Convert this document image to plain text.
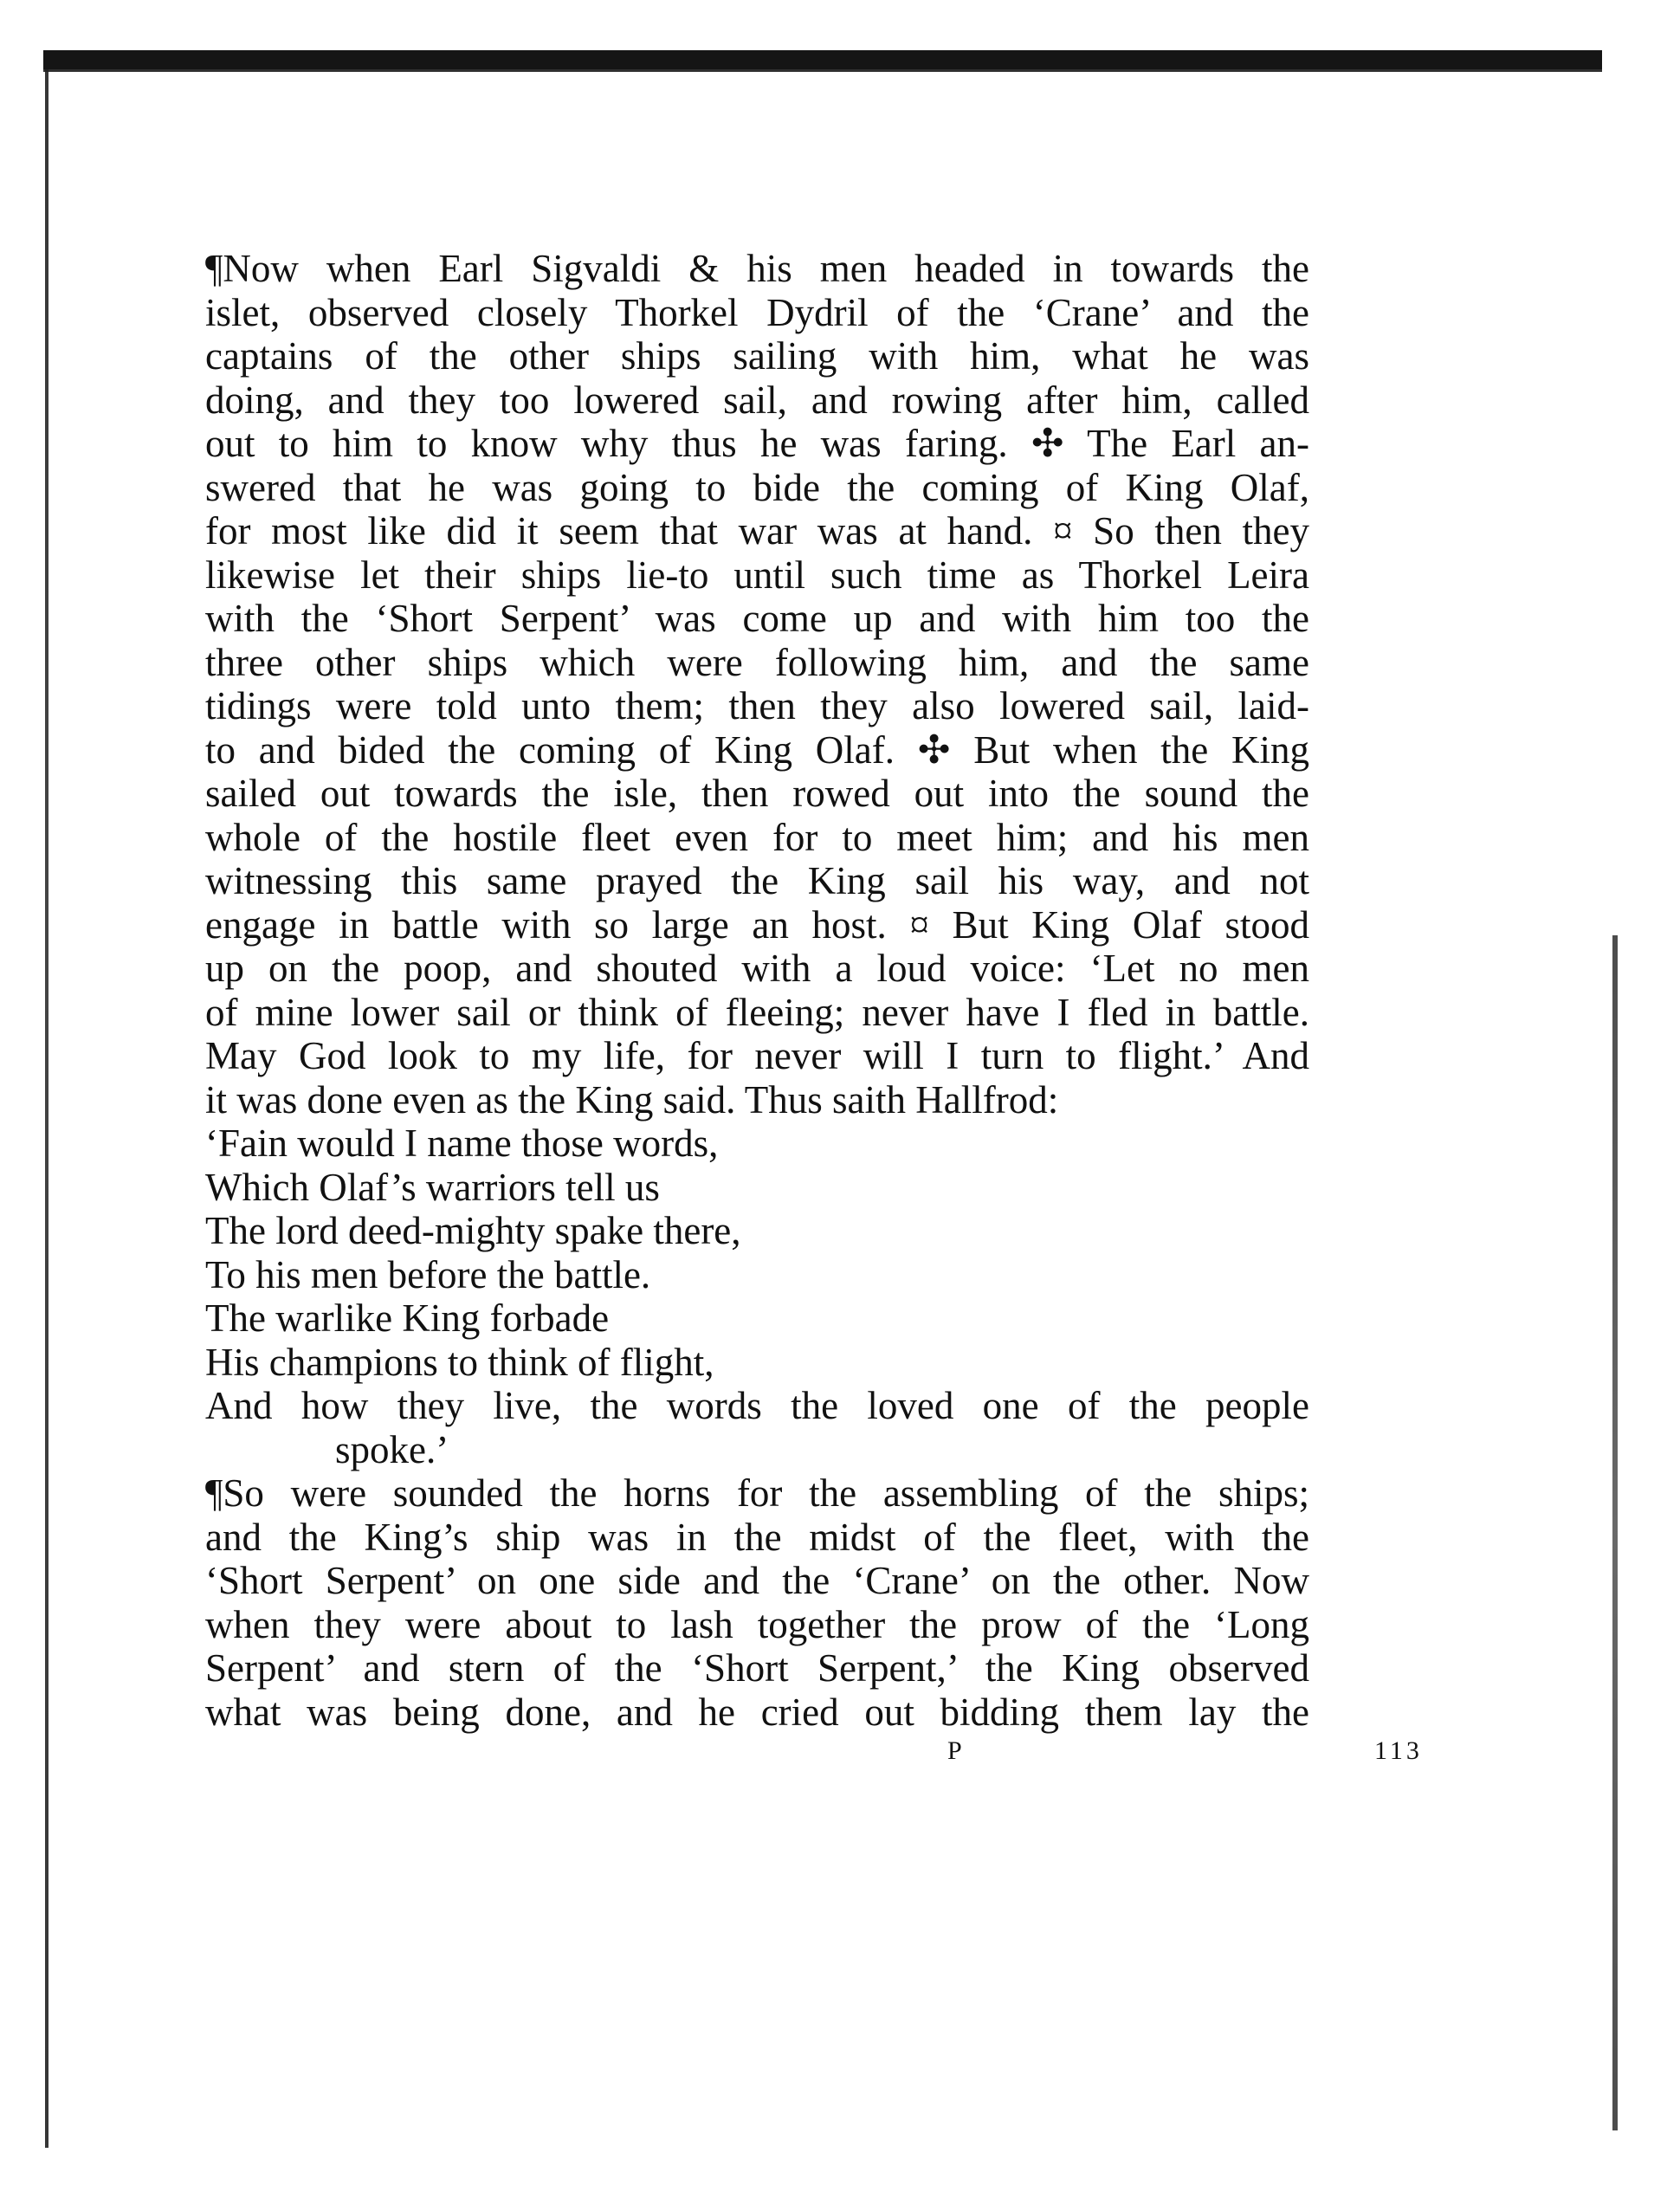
¶Now when Earl Sigvaldi & his men headed in towards the
islet, observed closely Thorkel Dydril of the ‘Crane’ and the
captains of the other ships sailing with him, what he was
doing, and they too lowered sail, and rowing after him, called
out to him to know why thus he was faring. ✣ The Earl an-
swered that he was going to bide the coming of King Olaf,
for most like did it seem that war was at hand. ¤ So then they
likewise let their ships lie-to until such time as Thorkel Leira
with the ‘Short Serpent’ was come up and with him too the
three other ships which were following him, and the same
tidings were told unto them; then they also lowered sail, laid-
to and bided the coming of King Olaf. ✣ But when the King
sailed out towards the isle, then rowed out into the sound the
whole of the hostile fleet even for to meet him; and his men
witnessing this same prayed the King sail his way, and not
engage in battle with so large an host. ¤ But King Olaf stood
up on the poop, and shouted with a loud voice: ‘Let no men
of mine lower sail or think of fleeing; never have I fled in battle.
May God look to my life, for never will I turn to flight.’ And
it was done even as the King said. Thus saith Hallfrod:
‘Fain would I name those words,
Which Olaf’s warriors tell us
The lord deed-mighty spake there,
To his men before the battle.
The warlike King forbade
His champions to think of flight,
And how they live, the words the loved one of the people
spoke.’
¶So were sounded the horns for the assembling of the ships;
and the King’s ship was in the midst of the fleet, with the
‘Short Serpent’ on one side and the ‘Crane’ on the other. Now
when they were about to lash together the prow of the ‘Long
Serpent’ and stern of the ‘Short Serpent,’ the King observed
what was being done, and he cried out bidding them lay the
P	113
